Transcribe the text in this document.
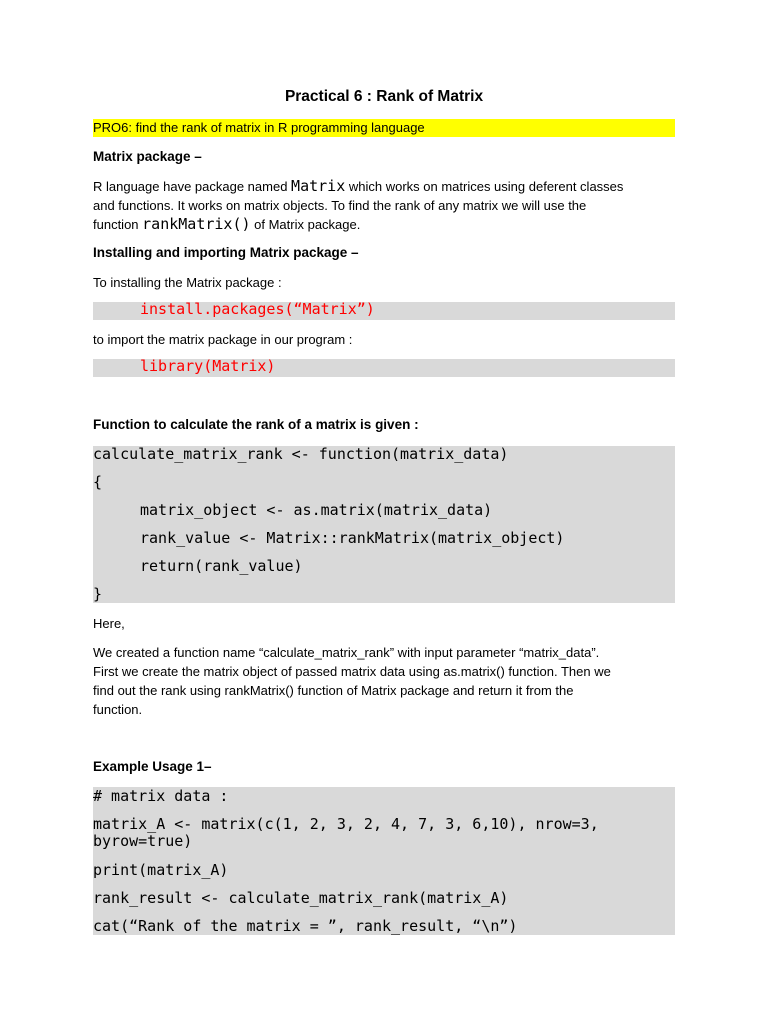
Practical 6 : Rank of Matrix
PRO6: find the rank of matrix in R programming language
Matrix package –
R language have package named Matrix which works on matrices using deferent classes
and functions. It works on matrix objects. To find the rank of any matrix we will use the
function rankMatrix() of Matrix package.
Installing and importing Matrix package –
To installing the Matrix package :
install.packages(“Matrix”)
to import the matrix package in our program :
library(Matrix)
Function to calculate the rank of a matrix is given :
calculate_matrix_rank <- function(matrix_data)
{
matrix_object <- as.matrix(matrix_data)
rank_value <- Matrix::rankMatrix(matrix_object)
return(rank_value)
}
Here,
We created a function name “calculate_matrix_rank” with input parameter “matrix_data”.
First we create the matrix object of passed matrix data using as.matrix() function. Then we
find out the rank using rankMatrix() function of Matrix package and return it from the
function.
Example Usage 1–
# matrix data :
matrix_A <- matrix(c(1, 2, 3, 2, 4, 7, 3, 6,10), nrow=3,
byrow=true)
print(matrix_A)
rank_result <- calculate_matrix_rank(matrix_A)
cat(“Rank of the matrix = ”, rank_result, “\n”)
